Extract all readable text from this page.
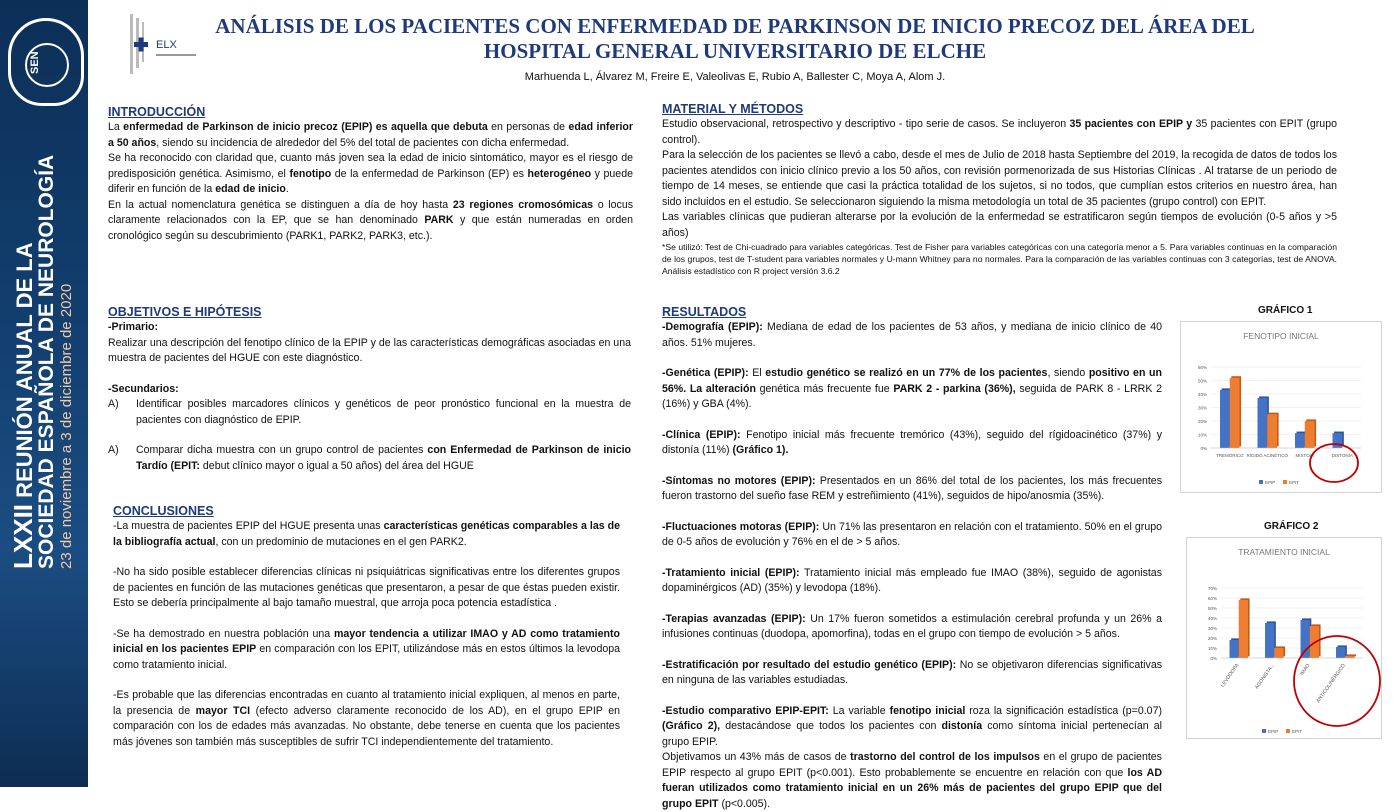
SEN
LXXII REUNIÓN ANUAL DE LA
SOCIEDAD ESPAÑOLA DE NEUROLOGÍA 23 de noviembre a 3 de diciembre de 2020
ELX
ANÁLISIS DE LOS PACIENTES CON ENFERMEDAD DE PARKINSON DE INICIO PRECOZ DEL ÁREA DEL HOSPITAL GENERAL UNIVERSITARIO DE ELCHE
Marhuenda L, Álvarez M, Freire E, Valeolivas E, Rubio A, Ballester C, Moya A, Alom J.
INTRODUCCIÓN

La enfermedad de Parkinson de inicio precoz (EPIP) es aquella que debuta en personas de edad inferior a 50 años, siendo su incidencia de alrededor del 5% del total de pacientes con dicha enfermedad.

Se ha reconocido con claridad que, cuanto más joven sea la edad de inicio sintomático, mayor es el riesgo de predisposición genética. Asimismo, el fenotipo de la enfermedad de Parkinson (EP) es heterogéneo y puede diferir en función de la edad de inicio.

En la actual nomenclatura genética se distinguen a día de hoy hasta 23 regiones cromosómicas o locus claramente relacionados con la EP, que se han denominado PARK y que están numeradas en orden cronológico según su descubrimiento (PARK1, PARK2, PARK3, etc.).

OBJETIVOS E HIPÓTESIS

-Primario:

Realizar una descripción del fenotipo clínico de la EPIP y de las características demográficas asociadas en una muestra de pacientes del HGUE con este diagnóstico.

-Secundarios:

A) Identificar posibles marcadores clínicos y genéticos de peor pronóstico funcional en la muestra de pacientes con diagnóstico de EPIP.

A) Comparar dicha muestra con un grupo control de pacientes con Enfermedad de Parkinson de inicio Tardío (EPIT: debut clínico mayor o igual a 50 años) del área del HGUE

CONCLUSIONES

-La muestra de pacientes EPIP del HGUE presenta unas características genéticas comparables a las de la bibliografía actual, con un predominio de mutaciones en el gen PARK2.

-No ha sido posible establecer diferencias clínicas ni psiquiátricas significativas entre los diferentes grupos de pacientes en función de las mutaciones genéticas que presentaron, a pesar de que éstas pueden existir. Esto se debería principalmente al bajo tamaño muestral, que arroja poca potencia estadística .

-Se ha demostrado en nuestra población una mayor tendencia a utilizar IMAO y AD como tratamiento inicial en los pacientes EPIP en comparación con los EPIT, utilizándose más en estos últimos la levodopa como tratamiento inicial.

-Es probable que las diferencias encontradas en cuanto al tratamiento inicial expliquen, al menos en parte, la presencia de mayor TCI (efecto adverso claramente reconocido de los AD), en el grupo EPIP en comparación con los de edades más avanzadas. No obstante, debe tenerse en cuenta que los pacientes más jóvenes son también más susceptibles de sufrir TCI independientemente del tratamiento.

MATERIAL Y MÉTODOS

Estudio observacional, retrospectivo y descriptivo - tipo serie de casos. Se incluyeron 35 pacientes con EPIP y 35 pacientes con EPIT (grupo control).

Para la selección de los pacientes se llevó a cabo, desde el mes de Julio de 2018 hasta Septiembre del 2019, la recogida de datos de todos los pacientes atendidos con inicio clínico previo a los 50 años, con revisión pormenorizada de sus Historias Clínicas . Al tratarse de un periodo de tiempo de 14 meses, se entiende que casi la práctica totalidad de los sujetos, si no todos, que cumplían estos criterios en nuestro área, han sido incluidos en el estudio. Se seleccionaron siguiendo la misma metodología un total de 35 pacientes (grupo control) con EPIT.

Las variables clínicas que pudieran alterarse por la evolución de la enfermedad se estratificaron según tiempos de evolución (0-5 años y >5 años)

*Se utilizó: Test de Chi-cuadrado para variables categóricas. Test de Fisher para variables categóricas con una categoría menor a 5. Para variables continuas en la comparación de los grupos, test de T-student para variables normales y U-mann Whitney para no normales. Para la comparación de las variables continuas con 3 categorías, test de ANOVA. Análisis estadístico con R project versión 3.6.2

RESULTADOS

-Demografía (EPIP): Mediana de edad de los pacientes de 53 años, y mediana de inicio clínico de 40 años. 51% mujeres.

-Genética (EPIP): El estudio genético se realizó en un 77% de los pacientes, siendo positivo en un 56%. La alteración genética más frecuente fue PARK 2 - parkina (36%), seguida de PARK 8 - LRRK 2 (16%) y GBA (4%).

-Clínica (EPIP): Fenotipo inicial más frecuente tremórico (43%), seguido del rígidoacinético (37%) y distonía (11%) (Gráfico 1).

-Síntomas no motores (EPIP): Presentados en un 86% del total de los pacientes, los más frecuentes fueron trastorno del sueño fase REM y estreñimiento (41%), seguidos de hipo/anosmia (35%).

-Fluctuaciones motoras (EPIP): Un 71% las presentaron en relación con el tratamiento. 50% en el grupo de 0-5 años de evolución y 76% en el de > 5 años.

-Tratamiento inicial (EPIP): Tratamiento inicial más empleado fue IMAO (38%), seguido de agonistas dopaminérgicos (AD) (35%) y levodopa (18%).

-Terapias avanzadas (EPIP): Un 17% fueron sometidos a estimulación cerebral profunda y un 26% a infusiones continuas (duodopa, apomorfina), todas en el grupo con tiempo de evolución > 5 años.

-Estratificación por resultado del estudio genético (EPIP): No se objetivaron diferencias significativas en ninguna de las variables estudiadas.

-Estudio comparativo EPIP-EPIT: La variable fenotipo inicial roza la significación estadística (p=0.07) (Gráfico 2), destacándose que todos los pacientes con distonía como síntoma inicial pertenecían al grupo EPIP.

Objetivamos un 43% más de casos de trastorno del control de los impulsos en el grupo de pacientes EPIP respecto al grupo EPIT (p<0.001). Esto probablemente se encuentre en relación con que los AD fueran utilizados como tratamiento inicial en un 26% más de pacientes del grupo EPIP que del grupo EPIT (p<0.005).

GRÁFICO 1
FENOTIPO INICIAL
0%
10%
20%
30%
40%
50%
60%
TREMÓRICO RÍGIDO ACINÉTICO MIXTO/A	DISTONÍA
EPIP	EPIT
GRÁFICO 2
TRATAMIENTO INICIAL
0%
10%
20%
30%
40%
50%
60%
70%
LEVODOPA	AGONISTA...	IMAO ANTICOLINÉRGICO
EPIP	EPIT
